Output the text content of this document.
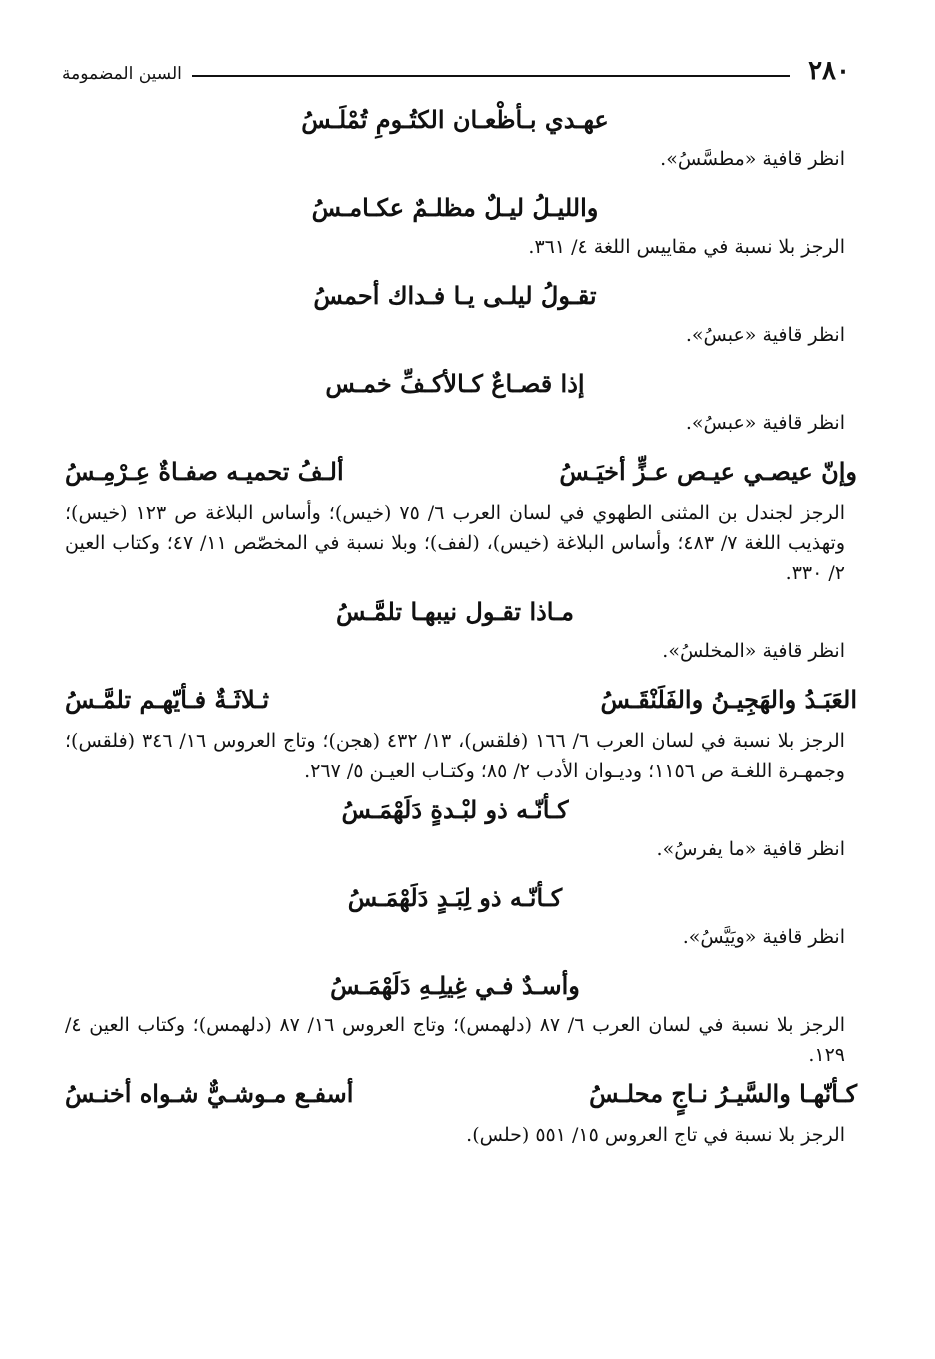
٢٨٠
السين المضمومة
عهـدي بـأظْعـان الكتُـومِ تُمْلَـسُ
انظر قافية «مطسَّسُ».
والليـلُ ليـلٌ مظلـمٌ عكـامـسُ
الرجز بلا نسبة في مقاييس اللغة ٤/ ٣٦١.
تقـولُ ليلـى يـا فـداك أحمسُ
انظر قافية «عبسُ».
إذا قصـاعٌ كـالأكـفِّ خمـس
انظر قافية «عبسُ».
وإنّ عيصـي عيـص عـزٍّ أخيَـسُ
ألـفُ تحميـه صفـاةٌ عِـرْمِـسُ
الرجز لجندل بن المثنى الطهوي في لسان العرب ٦/ ٧٥ (خيس)؛ وأساس البلاغة ص ١٢٣ (خيس)؛ وتهذيب اللغة ٧/ ٤٨٣؛ وأساس البلاغة (خيس)، (لفف)؛ وبلا نسبة في المخصّص ١١/ ٤٧؛ وكتاب العين ٢/ ٣٣٠.
مـاذا تقـول نيبهـا تلمَّـسُ
انظر قافية «المخلسُ».
العَبَـدُ والهَجِيـنُ والفَلَنْقَـسُ
ثـلاثَـةٌ فـأيّهـم تلمَّـسُ
الرجز بلا نسبة في لسان العرب ٦/ ١٦٦ (فلقس)، ١٣/ ٤٣٢ (هجن)؛ وتاج العروس ١٦/ ٣٤٦ (فلقس)؛ وجمهـرة اللغـة ص ١١٥٦؛ وديـوان الأدب ٢/ ٨٥؛ وكتـاب العيـن ٥/ ٢٦٧.
كـأنّـه ذو لبْـدةٍ دَلَهْمَـسُ
انظر قافية «ما يفرسُ».
كـأنّـه ذو لِبَـدٍ دَلَهْمَـسُ
انظر قافية «ويَيَّسُ».
وأسـدٌ فـي غِيلِـهِ دَلَهْمَـسُ
الرجز بلا نسبة في لسان العرب ٦/ ٨٧ (دلهمس)؛ وتاج العروس ١٦/ ٨٧ (دلهمس)؛ وكتاب العين ٤/ ١٢٩.
كـأنّهـا والسَّيـرُ نـاجٍ محلـسُ
أسفـع مـوشـيٌّ شـواه أخنـسُ
الرجز بلا نسبة في تاج العروس ١٥/ ٥٥١ (حلس).
